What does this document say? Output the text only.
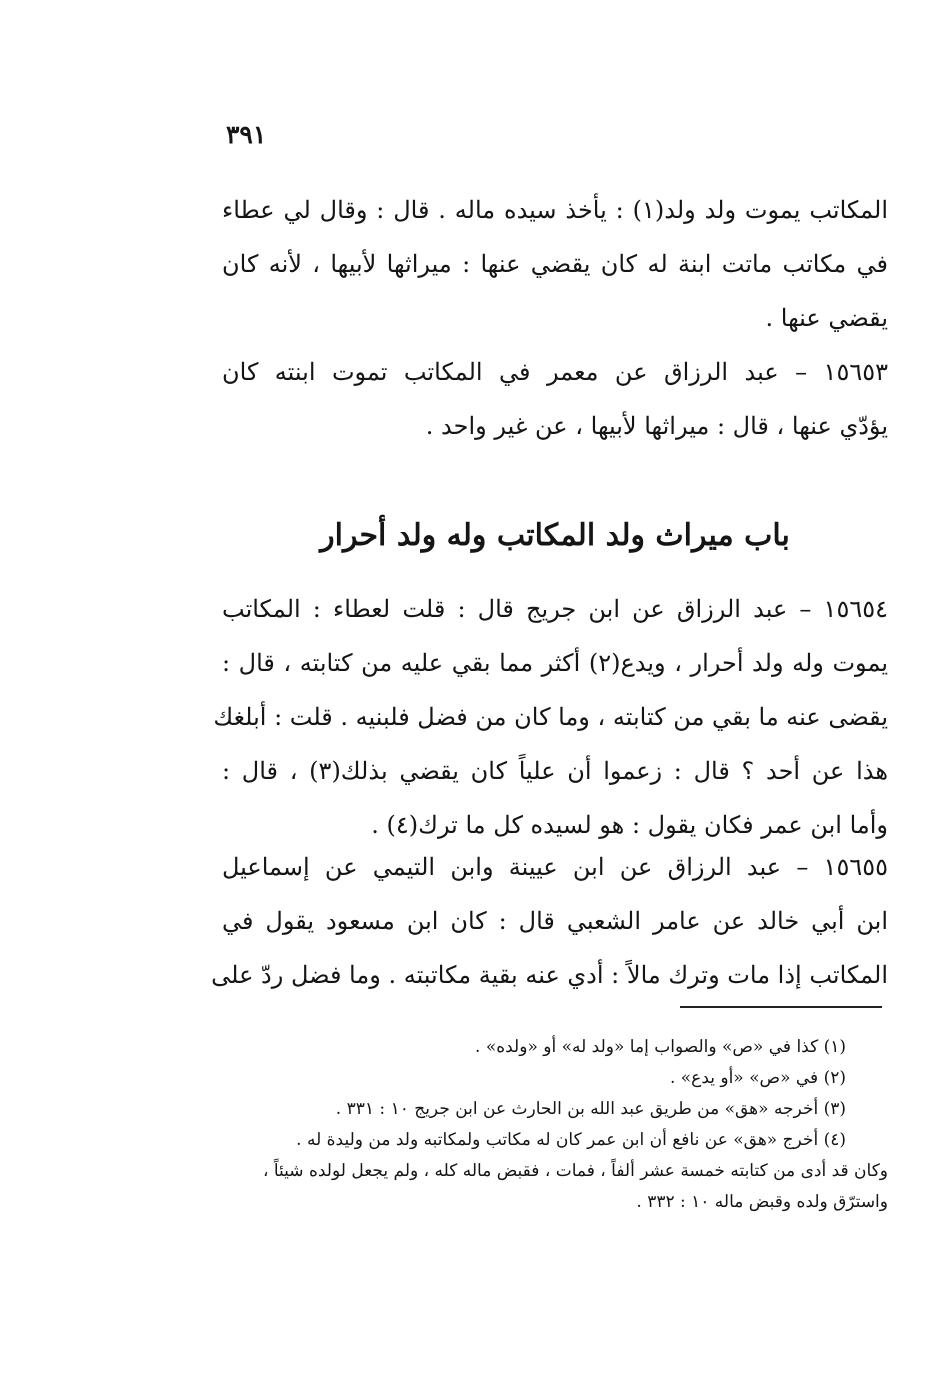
٣٩١
المكاتب يموت ولد ولد(١) : يأخذ سيده ماله . قال : وقال لي عطاء
في مكاتب ماتت ابنة له كان يقضي عنها : ميراثها لأبيها ، لأنه كان
يقضي عنها .
١٥٦٥٣ – عبد الرزاق عن معمر في المكاتب تموت ابنته كان
يؤدّي عنها ، قال : ميراثها لأبيها ، عن غير واحد .
باب ميراث ولد المكاتب وله ولد أحرار
١٥٦٥٤ – عبد الرزاق عن ابن جريج قال : قلت لعطاء : المكاتب
يموت وله ولد أحرار ، ويدع(٢) أكثر مما بقي عليه من كتابته ، قال :
يقضى عنه ما بقي من كتابته ، وما كان من فضل فلبنيه . قلت : أبلغك
هذا عن أحد ؟ قال : زعموا أن علياً كان يقضي بذلك(٣) ، قال :
وأما ابن عمر فكان يقول : هو لسيده كل ما ترك(٤) .
١٥٦٥٥ – عبد الرزاق عن ابن عيينة وابن التيمي عن إسماعيل
ابن أبي خالد عن عامر الشعبي قال : كان ابن مسعود يقول في
المكاتب إذا مات وترك مالاً : أدي عنه بقية مكاتبته . وما فضل ردّ على
(١) كذا في «ص» والصواب إما «ولد له» أو «ولده» .
(٢) في «ص» «أو يدع» .
(٣) أخرجه «هق» من طريق عبد الله بن الحارث عن ابن جريج ١٠ : ٣٣١ .
(٤) أخرج «هق» عن نافع أن ابن عمر كان له مكاتب ولمكاتبه ولد من وليدة له .
وكان قد أدى من كتابته خمسة عشر ألفاً ، فمات ، فقبض ماله كله ، ولم يجعل لولده شيئاً ،
واسترّق ولده وقبض ماله ١٠ : ٣٣٢ .
